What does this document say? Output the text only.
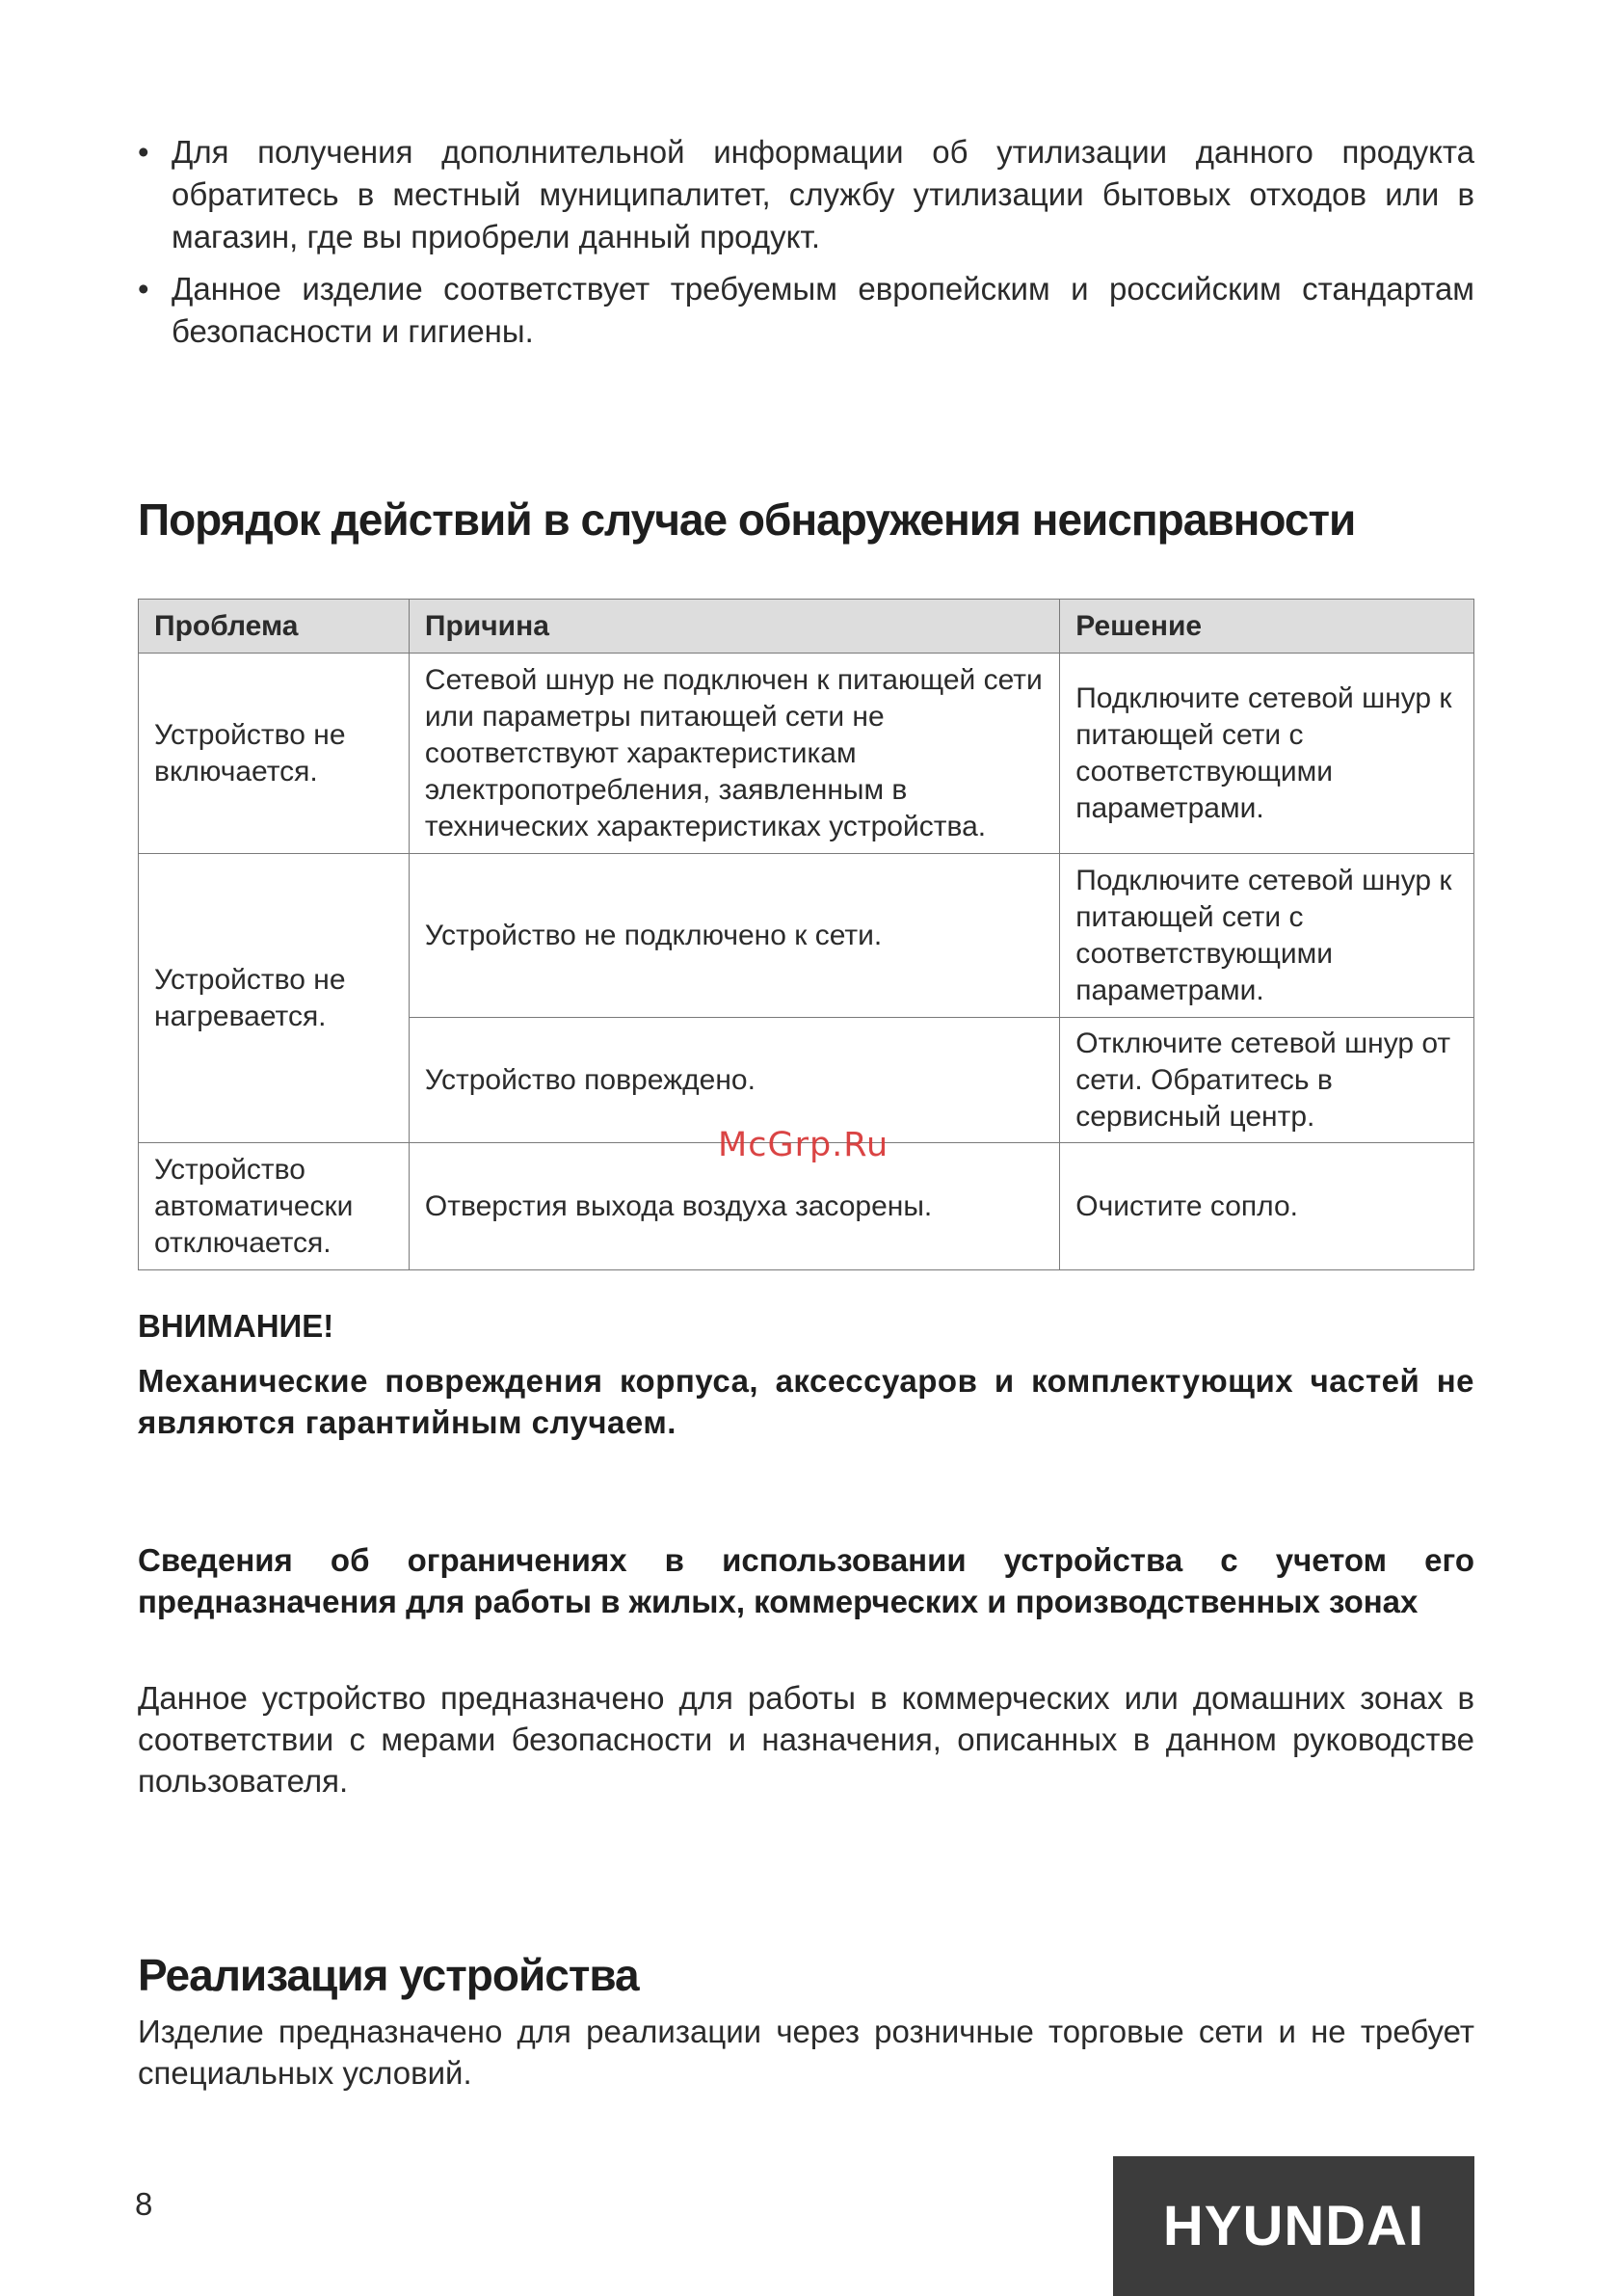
• Для получения дополнительной информации об утилизации данного продукта обратитесь в местный муниципалитет, службу утилизации бытовых отходов или в магазин, где вы приобрели данный продукт.
• Данное изделие соответствует требуемым европейским и российским стандартам безопасности и гигиены.
Порядок действий в случае обнаружения неисправности
Проблема	Причина	Решение
Устройство не включается.	Сетевой шнур не подключен к питающей сети или параметры питающей сети не соответствуют характеристикам электропотребления, заявленным в технических характеристиках устройства.	Подключите сетевой шнур к питающей сети с соответствующими параметрами.
Устройство не нагревается.	Устройство не подключено к сети.	Подключите сетевой шнур к питающей сети с соответствующими параметрами.
	Устройство повреждено.	Отключите сетевой шнур от сети. Обратитесь в сервисный центр.
Устройство автоматически отключается.	Отверстия выхода воздуха засорены.	Очистите сопло.
McGrp.Ru

ВНИМАНИЕ!

Механические повреждения корпуса, аксессуаров и комплектующих частей не являются гарантийным случаем.

Сведения об ограничениях в использовании устройства с учетом его предназначения для работы в жилых, коммерческих и производственных зонах

Данное устройство предназначено для работы в коммерческих или домашних зонах в соответствии с мерами безопасности и назначения, описанных в данном руководстве пользователя.

Реализация устройства

Изделие предназначено для реализации через розничные торговые сети и не требует специальных условий.

8	HYUNDAI
